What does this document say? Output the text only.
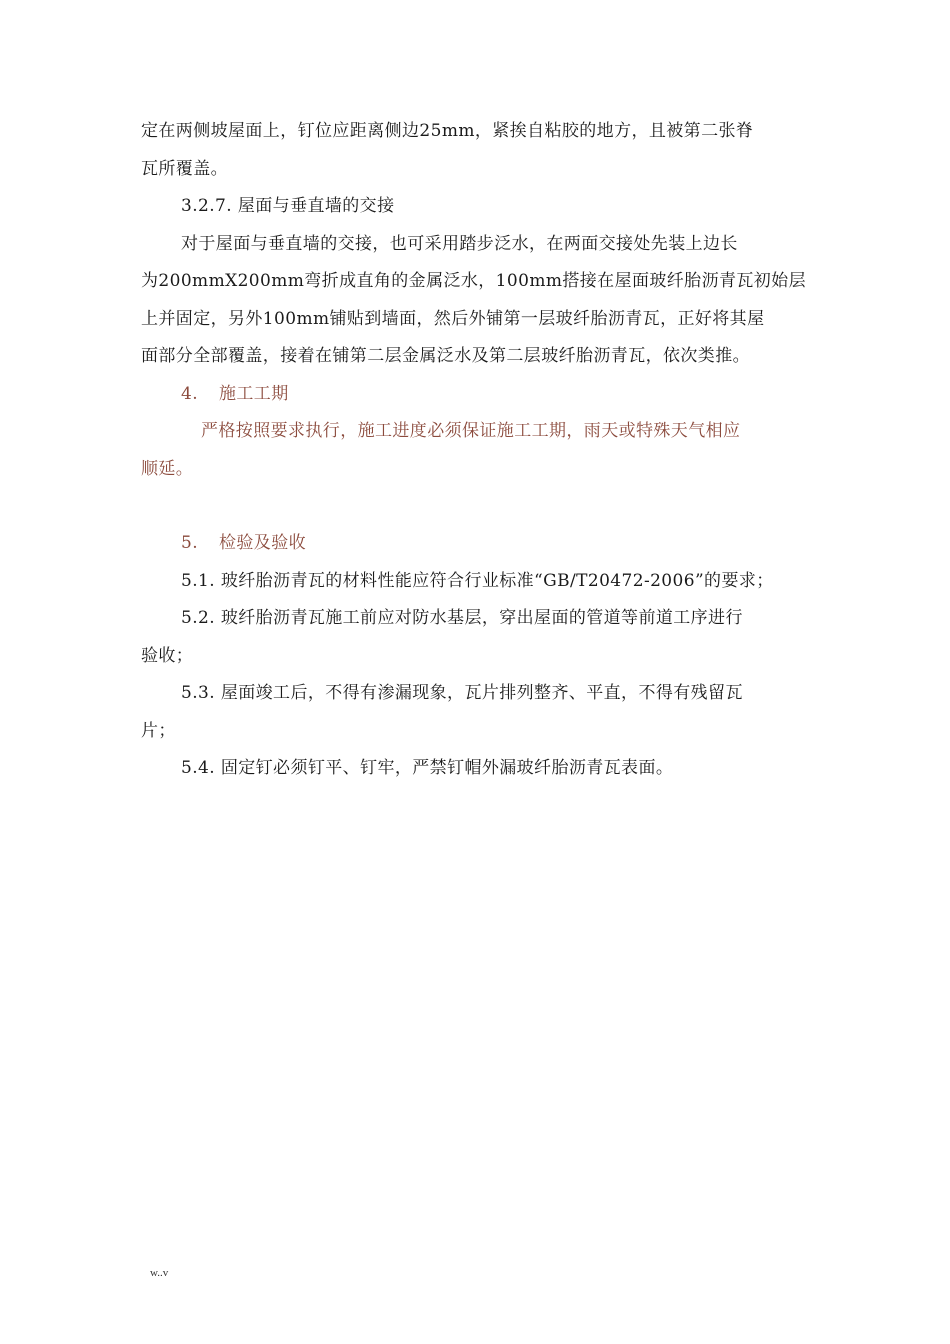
定在两侧坡屋面上，钉位应距离侧边25mm，紧挨自粘胶的地方，且被第二张脊
瓦所覆盖。
3.2.7. 屋面与垂直墙的交接
对于屋面与垂直墙的交接，也可采用踏步泛水，在两面交接处先装上边长
为200mmX200mm弯折成直角的金属泛水，100mm搭接在屋面玻纤胎沥青瓦初始层
上并固定，另外100mm铺贴到墙面，然后外铺第一层玻纤胎沥青瓦，正好将其屋
面部分全部覆盖，接着在铺第二层金属泛水及第二层玻纤胎沥青瓦，依次类推。
4. 施工工期
严格按照要求执行，施工进度必须保证施工工期，雨天或特殊天气相应
顺延。
5. 检验及验收
5.1. 玻纤胎沥青瓦的材料性能应符合行业标准“GB/T20472-2006”的要求；
5.2. 玻纤胎沥青瓦施工前应对防水基层，穿出屋面的管道等前道工序进行
验收；
5.3. 屋面竣工后，不得有渗漏现象，瓦片排列整齐、平直，不得有残留瓦
片；
5.4. 固定钉必须钉平、钉牢，严禁钉帽外漏玻纤胎沥青瓦表面。
w..v
